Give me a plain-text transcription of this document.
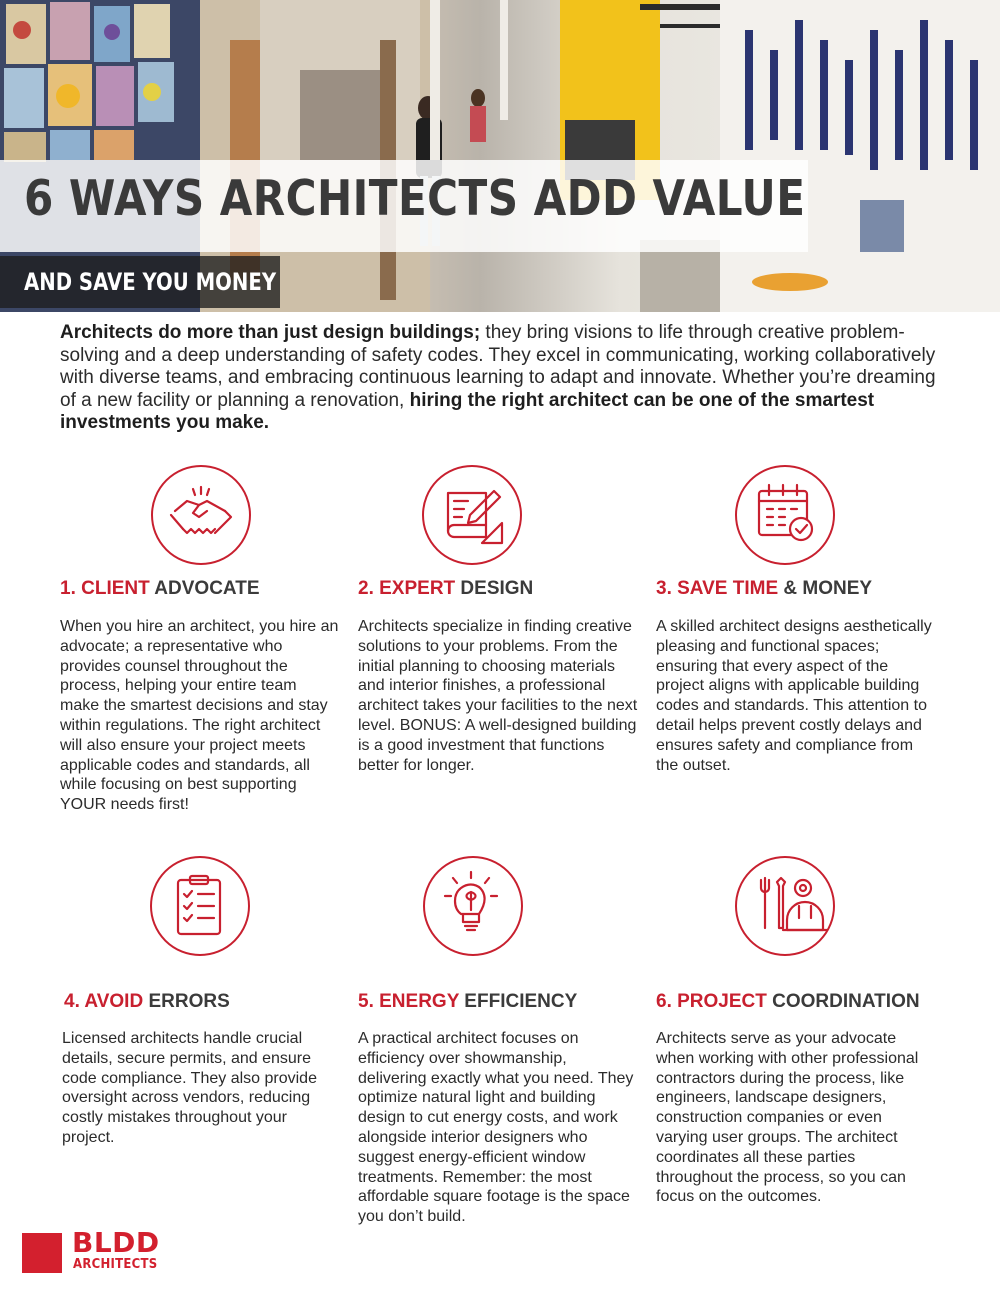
6 WAYS ARCHITECTS ADD VALUE
AND SAVE YOU MONEY

Architects do more than just design buildings; they bring visions to life through creative problem-solving and a deep understanding of safety codes. They excel in communicating, working collaboratively with diverse teams, and embracing continuous learning to adapt and innovate. Whether you’re dreaming of a new facility or planning a renovation, hiring the right architect can be one of the smartest investments you make.

1. CLIENT ADVOCATE

When you hire an architect, you hire an advocate; a representative who provides counsel throughout the process, helping your entire team make the smartest decisions and stay within regulations. The right architect will also ensure your project meets applicable codes and standards, all while focusing on best supporting YOUR needs first!

2. EXPERT DESIGN

Architects specialize in finding creative solutions to your problems. From the initial planning to choosing materials and interior finishes, a professional architect takes your facilities to the next level. BONUS: A well-designed building is a good investment that functions better for longer.

3. SAVE TIME & MONEY

A skilled architect designs aesthetically pleasing and functional spaces; ensuring that every aspect of the project aligns with applicable building codes and standards. This attention to detail helps prevent costly delays and ensures safety and compliance from the outset.

4. AVOID ERRORS

Licensed architects handle crucial details, secure permits, and ensure code compliance. They also provide oversight across vendors, reducing costly mistakes throughout your project.

5. ENERGY EFFICIENCY

A practical architect focuses on efficiency over showmanship, delivering exactly what you need. They optimize natural light and building design to cut energy costs, and work alongside interior designers who suggest energy-efficient window treatments. Remember: the most affordable square footage is the space you don’t build.

6. PROJECT COORDINATION

Architects serve as your advocate when working with other professional contractors during the process, like engineers, landscape designers, construction companies or even varying user groups. The architect coordinates all these parties throughout the process, so you can focus on the outcomes.

BLDD

ARCHITECTS
